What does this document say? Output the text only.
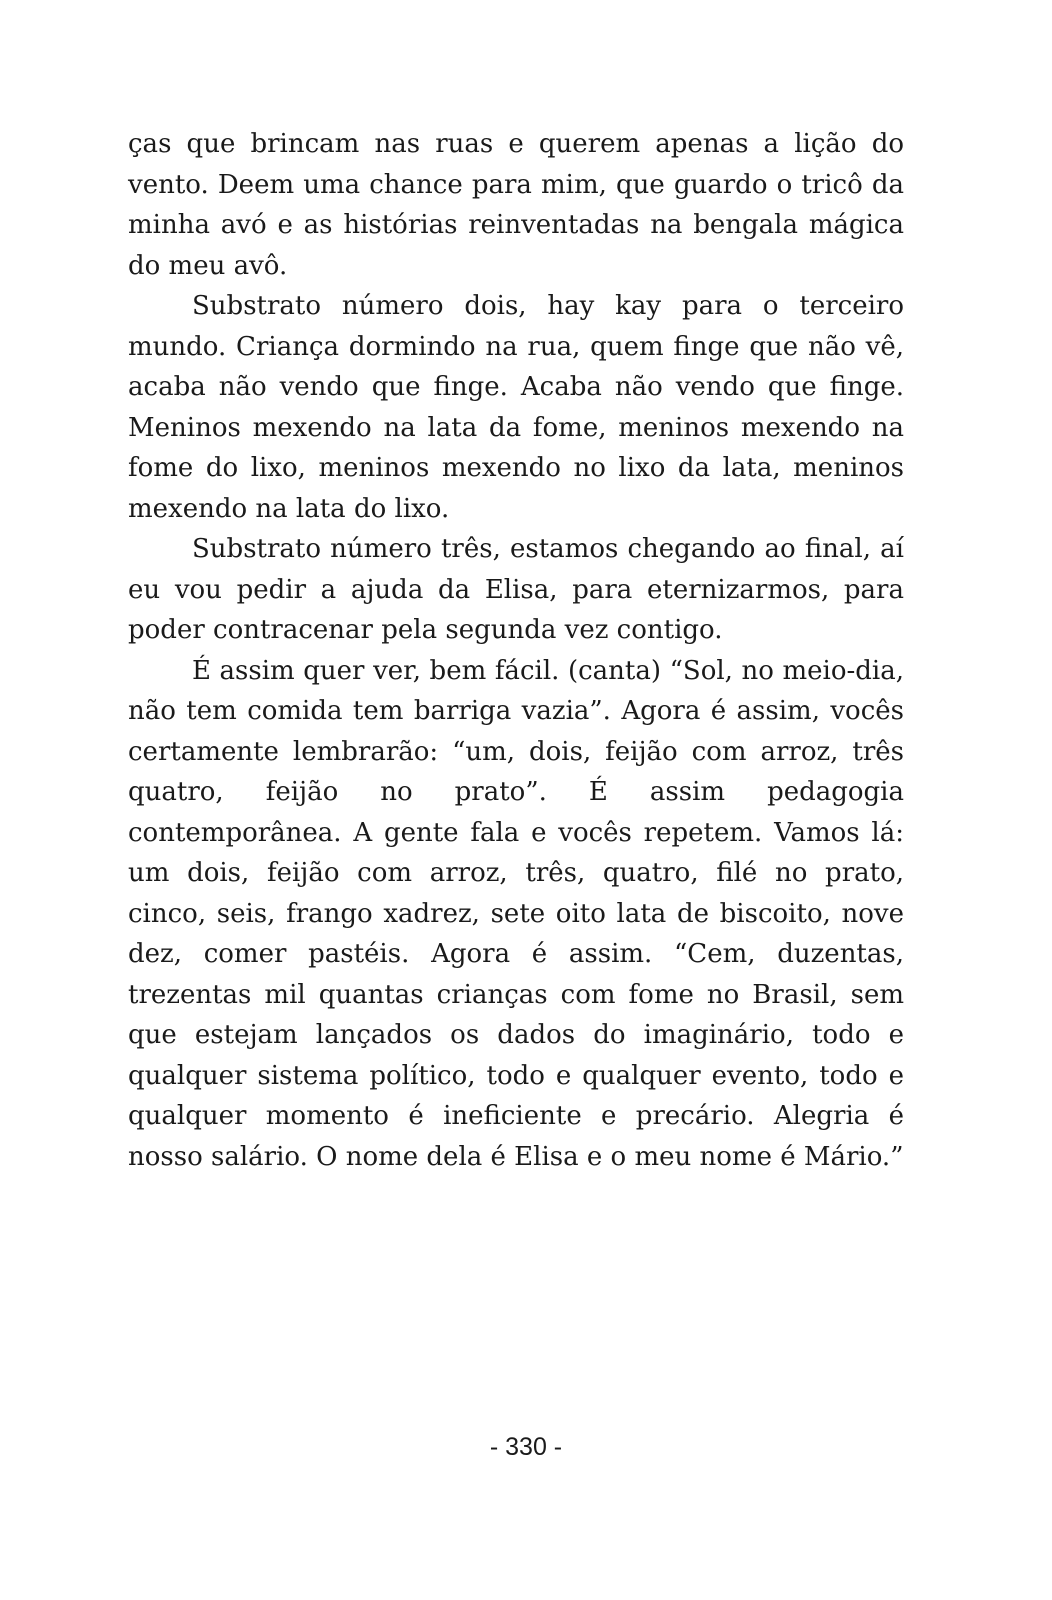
ças que brincam nas ruas e querem apenas a lição do vento. Deem uma chance para mim, que guardo o tricô da minha avó e as histórias reinventadas na bengala mágica do meu avô.

Substrato número dois, hay kay para o terceiro mundo. Criança dormindo na rua, quem finge que não vê, acaba não vendo que finge. Acaba não vendo que finge. Meninos mexendo na lata da fome, meninos mexendo na fome do lixo, meninos mexendo no lixo da lata, meninos mexendo na lata do lixo.

Substrato número três, estamos chegando ao final, aí eu vou pedir a ajuda da Elisa, para eternizarmos, para poder contracenar pela segunda vez contigo.

É assim quer ver, bem fácil. (canta) “Sol, no meio-dia, não tem comida tem barriga vazia”. Agora é assim, vocês certamente lembrarão: “um, dois, feijão com arroz, três quatro, feijão no prato”. É assim pedagogia contemporânea. A gente fala e vocês repetem. Vamos lá: um dois, feijão com arroz, três, quatro, filé no prato, cinco, seis, frango xadrez, sete oito lata de biscoito, nove dez, comer pastéis. Agora é assim. “Cem, duzentas, trezentas mil quantas crianças com fome no Brasil, sem que estejam lançados os dados do imaginário, todo e qualquer sistema político, todo e qualquer evento, todo e qualquer momento é ineficiente e precário. Alegria é nosso salário. O nome dela é Elisa e o meu nome é Mário.”

- 330 -
